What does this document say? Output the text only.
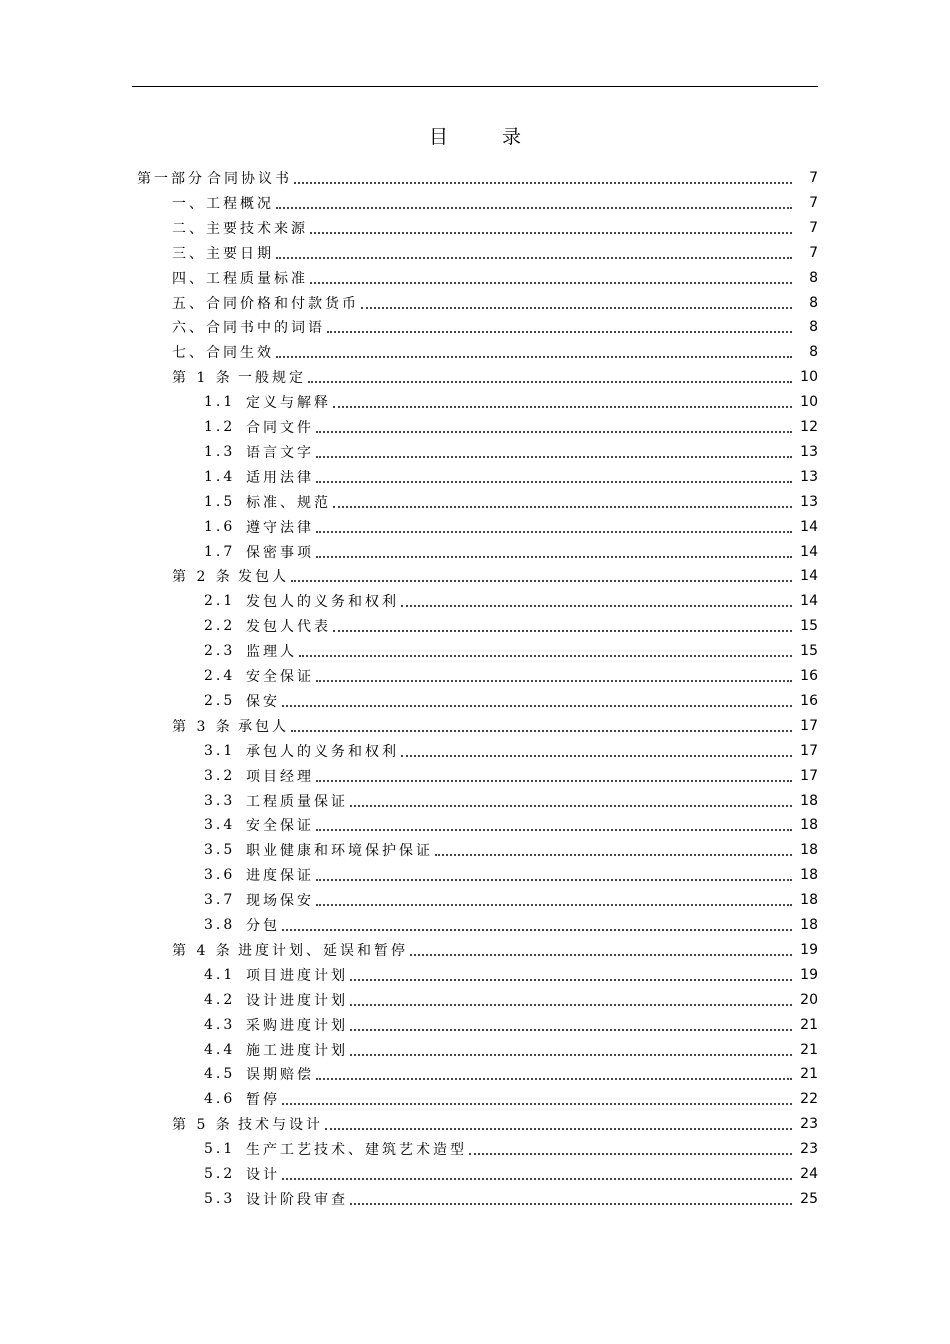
目 录
第一部分 合同协议书	7
一、工程概况	7
二、主要技术来源	7
三、主要日期	7
四、工程质量标准	8
五、合同价格和付款货币	8
六、合同书中的词语	8
七、合同生效	8
第 1 条 一般规定	10
1.1 定义与解释	10
1.2 合同文件	12
1.3 语言文字	13
1.4 适用法律	13
1.5 标准、规范	13
1.6 遵守法律	14
1.7 保密事项	14
第 2 条 发包人	14
2.1 发包人的义务和权利	14
2.2 发包人代表	15
2.3 监理人	15
2.4 安全保证	16
2.5 保安	16
第 3 条 承包人	17
3.1 承包人的义务和权利	17
3.2 项目经理	17
3.3 工程质量保证	18
3.4 安全保证	18
3.5 职业健康和环境保护保证	18
3.6 进度保证	18
3.7 现场保安	18
3.8 分包	18
第 4 条 进度计划、延误和暂停	19
4.1 项目进度计划	19
4.2 设计进度计划	20
4.3 采购进度计划	21
4.4 施工进度计划	21
4.5 误期赔偿	21
4.6 暂停	22
第 5 条 技术与设计	23
5.1 生产工艺技术、建筑艺术造型	23
5.2 设计	24
5.3 设计阶段审查	25
